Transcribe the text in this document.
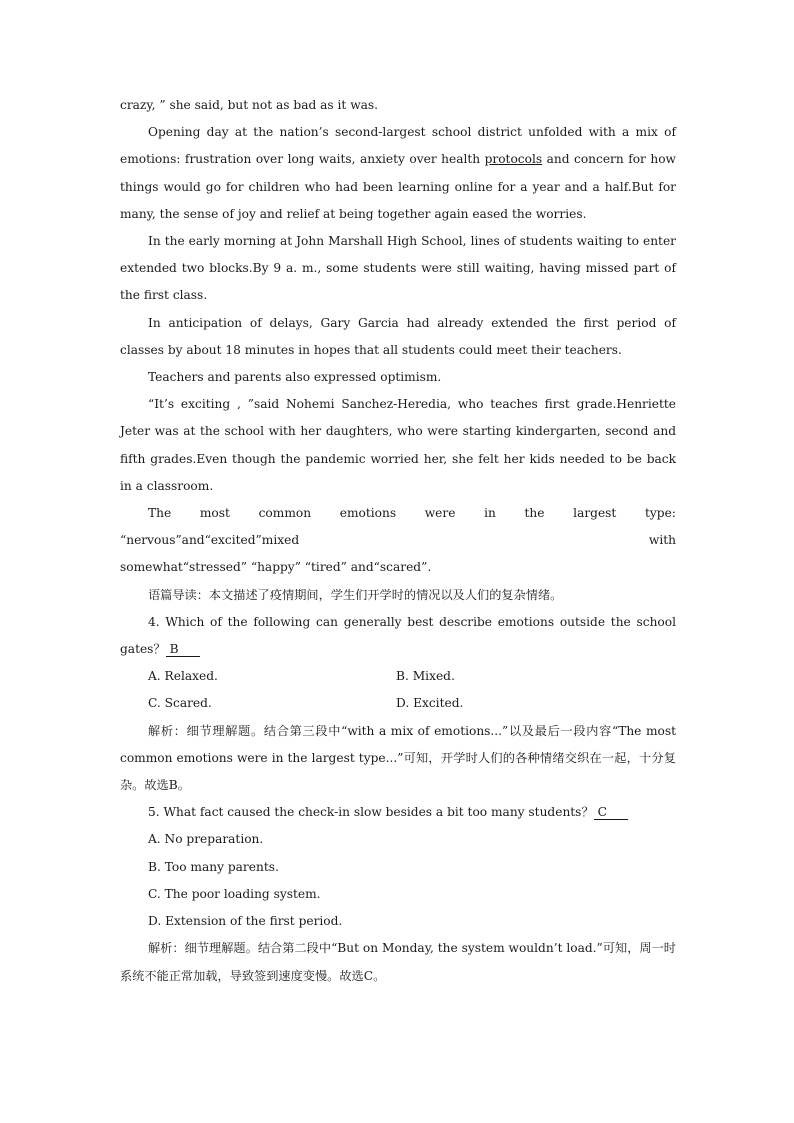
crazy, ” she said, but not as bad as it was.

Opening day at the nation’s second-largest school district unfolded with a mix of emotions: frustration over long waits, anxiety over health protocols and concern for how things would go for children who had been learning online for a year and a half.But for many, the sense of joy and relief at being together again eased the worries.

In the early morning at John Marshall High School, lines of students waiting to enter extended two blocks.By 9 a. m., some students were still waiting, having missed part of the first class.

In anticipation of delays, Gary Garcia had already extended the first period of classes by about 18 minutes in hopes that all students could meet their teachers.

Teachers and parents also expressed optimism.

“It’s exciting , ”said Nohemi Sanchez-Heredia, who teaches first grade.Henriette Jeter was at the school with her daughters, who were starting kindergarten, second and fifth grades.Even though the pandemic worried her, she felt her kids needed to be back in a classroom.

The most common emotions were in the largest type:
“nervous”and“excited”mixed	with

somewhat“stressed” “happy” “tired” and“scared”.

语篇导读：本文描述了疫情期间，学生们开学时的情况以及人们的复杂情绪。

4. Which of the following can generally best describe emotions outside the school gates？ B

A. Relaxed.	B. Mixed.
C. Scared.	D. Excited.

解析：细节理解题。结合第三段中“with a mix of emotions...”以及最后一段内容“The most common emotions were in the largest type...”可知，开学时人们的各种情绪交织在一起，十分复杂。故选B。

5. What fact caused the check-in slow besides a bit too many students？ C

A. No preparation.

B. Too many parents.

C. The poor loading system.

D. Extension of the first period.

解析：细节理解题。结合第二段中“But on Monday, the system wouldn’t load.”可知，周一时系统不能正常加载，导致签到速度变慢。故选C。
